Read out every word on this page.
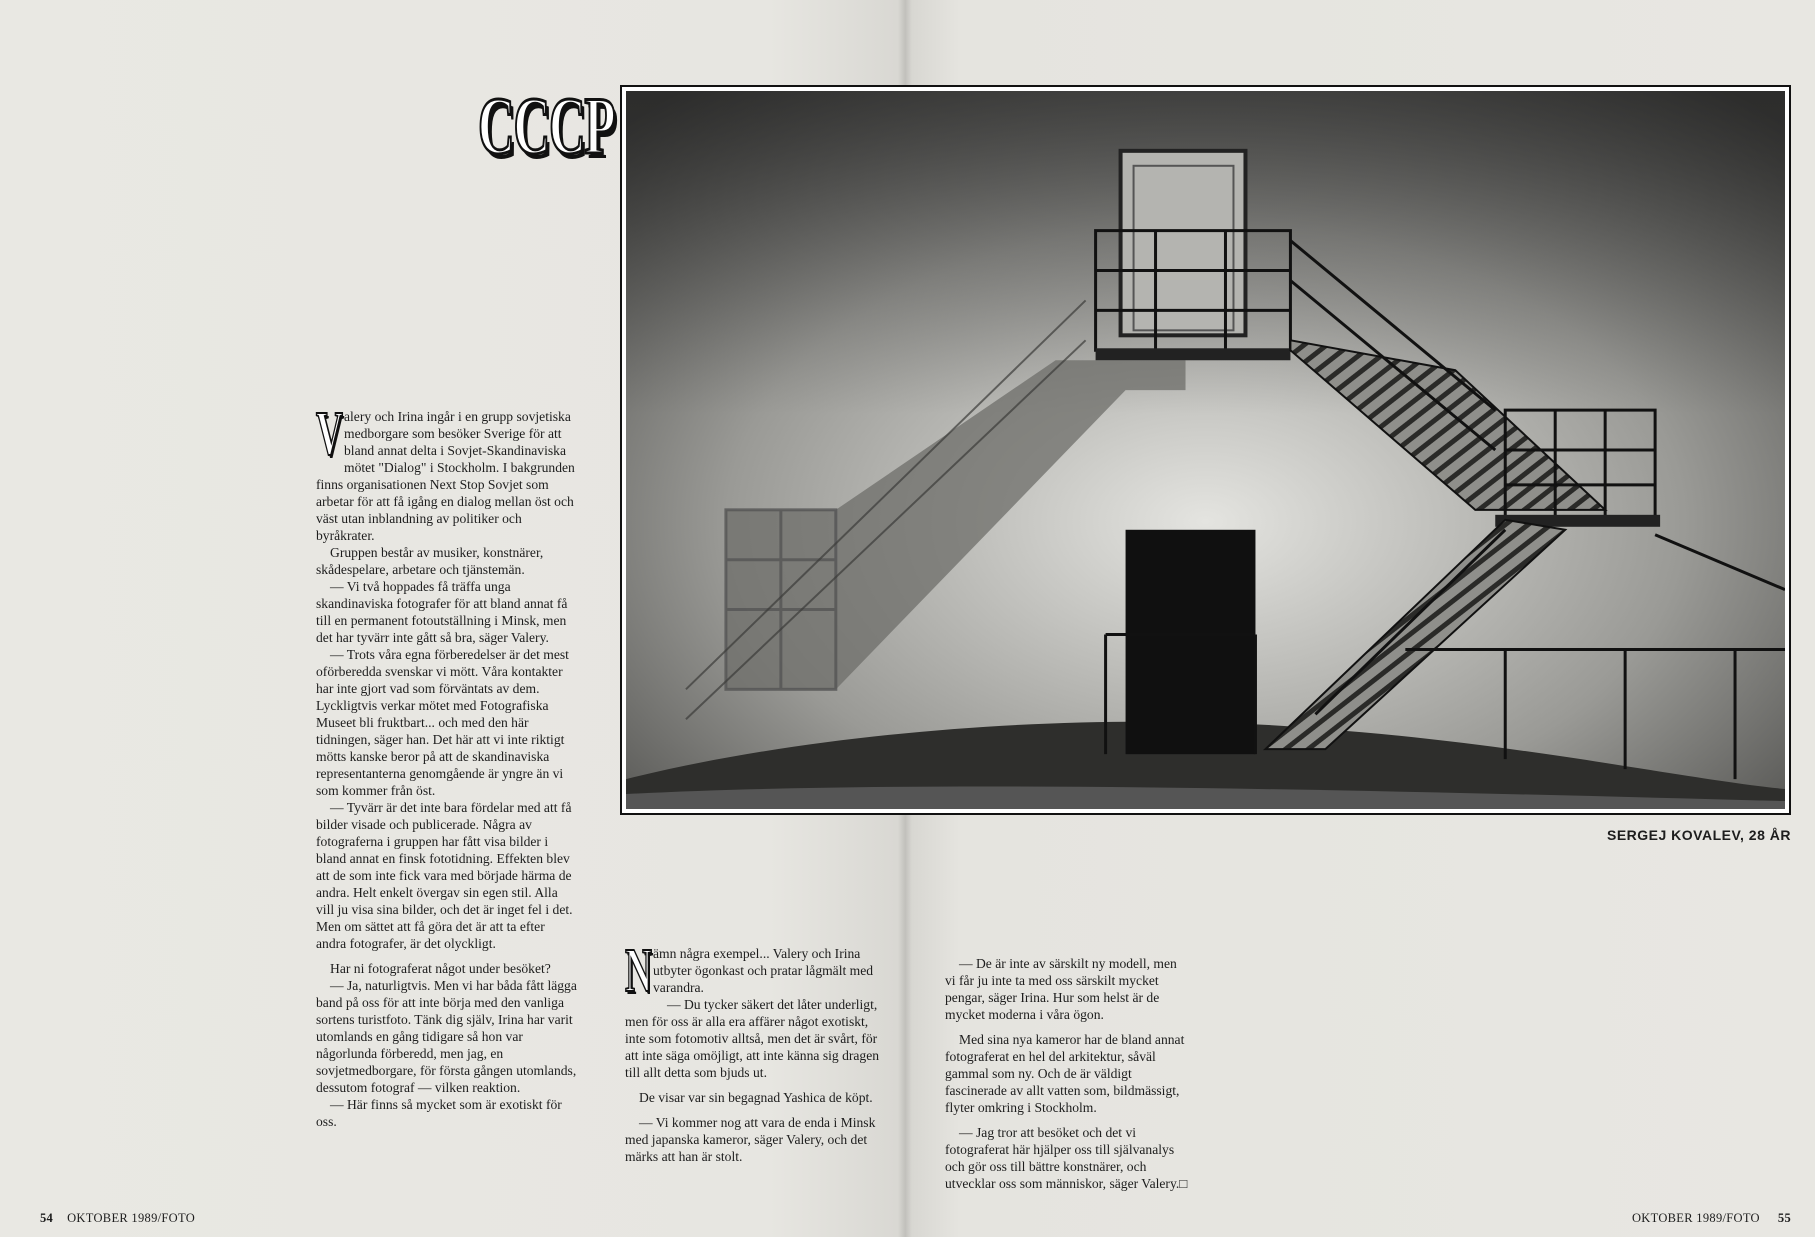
CCCP

Valery och Irina ingår i en grupp sovjetiska medborgare som besöker Sverige för att bland annat delta i Sovjet-Skandinaviska mötet "Dialog" i Stockholm. I bakgrunden finns organisationen Next Stop Sovjet som arbetar för att få igång en dialog mellan öst och väst utan inblandning av politiker och byråkrater.

Gruppen består av musiker, konstnärer, skådespelare, arbetare och tjänstemän.

— Vi två hoppades få träffa unga skandinaviska fotografer för att bland annat få till en permanent fotoutställning i Minsk, men det har tyvärr inte gått så bra, säger Valery.

— Trots våra egna förberedelser är det mest oförberedda svenskar vi mött. Våra kontakter har inte gjort vad som förväntats av dem. Lyckligtvis verkar mötet med Fotografiska Museet bli fruktbart... och med den här tidningen, säger han. Det här att vi inte riktigt mötts kanske beror på att de skandinaviska representanterna genomgående är yngre än vi som kommer från öst.

— Tyvärr är det inte bara fördelar med att få bilder visade och publicerade. Några av fotograferna i gruppen har fått visa bilder i bland annat en finsk fototidning. Effekten blev att de som inte fick vara med började härma de andra. Helt enkelt övergav sin egen stil. Alla vill ju visa sina bilder, och det är inget fel i det. Men om sättet att få göra det är att ta efter andra fotografer, är det olyckligt.

Har ni fotograferat något under besöket?

— Ja, naturligtvis. Men vi har båda fått lägga band på oss för att inte börja med den vanliga sortens turistfoto. Tänk dig själv, Irina har varit utomlands en gång tidigare så hon var någorlunda förberedd, men jag, en sovjetmedborgare, för första gången utomlands, dessutom fotograf — vilken reaktion.

— Här finns så mycket som är exotiskt för oss.

SERGEJ KOVALEV, 28 ÅR

Nämn några exempel... Valery och Irina utbyter ögonkast och pratar lågmält med varandra.

— Du tycker säkert det låter underligt, men för oss är alla era affärer något exotiskt, inte som fotomotiv alltså, men det är svårt, för att inte säga omöjligt, att inte känna sig dragen till allt detta som bjuds ut.

De visar var sin begagnad Yashica de köpt.

— Vi kommer nog att vara de enda i Minsk med japanska kameror, säger Valery, och det märks att han är stolt.

— De är inte av särskilt ny modell, men vi får ju inte ta med oss särskilt mycket pengar, säger Irina. Hur som helst är de mycket moderna i våra ögon.

Med sina nya kameror har de bland annat fotograferat en hel del arkitektur, såväl gammal som ny. Och de är väldigt fascinerade av allt vatten som, bildmässigt, flyter omkring i Stockholm.

— Jag tror att besöket och det vi fotograferat här hjälper oss till självanalys och gör oss till bättre konstnärer, och utvecklar oss som människor, säger Valery.□

54 OKTOBER 1989/FOTO	OKTOBER 1989/FOTO 55
